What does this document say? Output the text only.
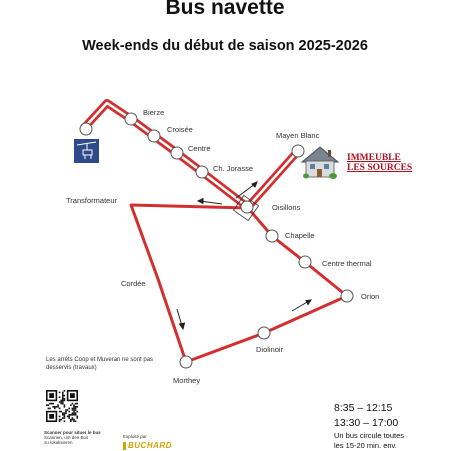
Bus navette
Week-ends du début de saison 2025-2026
Bierze
Croisée
Centre
Ch. Jorasse
Mayen Blanc
Transformateur
Oisillons
Chapelle
Centre thermal
Orion
Cordée
Diolinoir
Morthey
IMMEUBLE
LES SOURCES
Les arrêts Coop et Muveran ne sont pas desservis (travaux)
Scanner pour situer le bus
Scannen, um den Bus
zu lokalisieren
Exploité par
BUCHARD
8:35 – 12:15
13:30 – 17:00
Un bus circule toutes
les 15-20 min. env.
